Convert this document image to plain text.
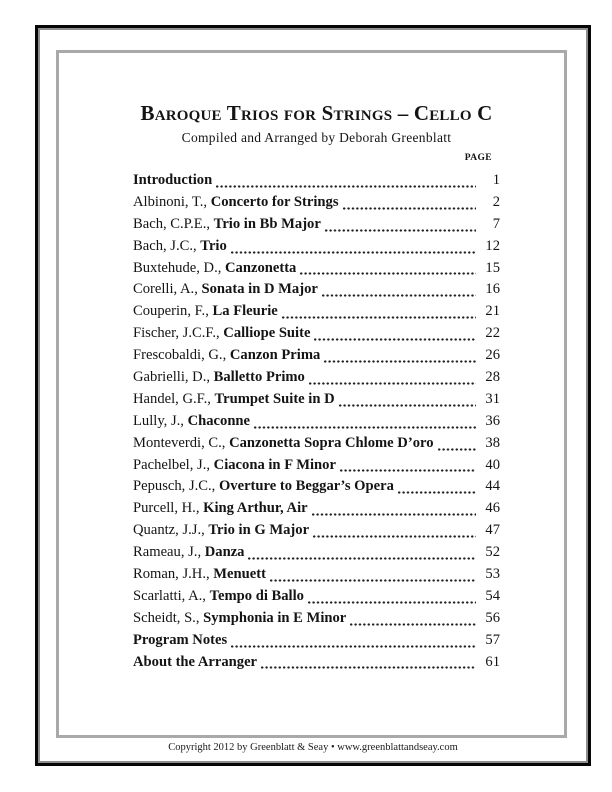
Baroque Trios for Strings – Cello C
Compiled and Arranged by Deborah Greenblatt
PAGE
Introduction	1
Albinoni, T., Concerto for Strings	2
Bach, C.P.E., Trio in Bb Major	7
Bach, J.C., Trio	12
Buxtehude, D., Canzonetta	15
Corelli, A., Sonata in D Major	16
Couperin, F., La Fleurie	21
Fischer, J.C.F., Calliope Suite	22
Frescobaldi, G., Canzon Prima	26
Gabrielli, D., Balletto Primo	28
Handel, G.F., Trumpet Suite in D	31
Lully, J., Chaconne	36
Monteverdi, C., Canzonetta Sopra Chlome D’oro	38
Pachelbel, J., Ciacona in F Minor	40
Pepusch, J.C., Overture to Beggar’s Opera	44
Purcell, H., King Arthur, Air	46
Quantz, J.J., Trio in G Major	47
Rameau, J., Danza	52
Roman, J.H., Menuett	53
Scarlatti, A., Tempo di Ballo	54
Scheidt, S., Symphonia in E Minor	56
Program Notes	57
About the Arranger	61
Copyright 2012 by Greenblatt & Seay • www.greenblattandseay.com
